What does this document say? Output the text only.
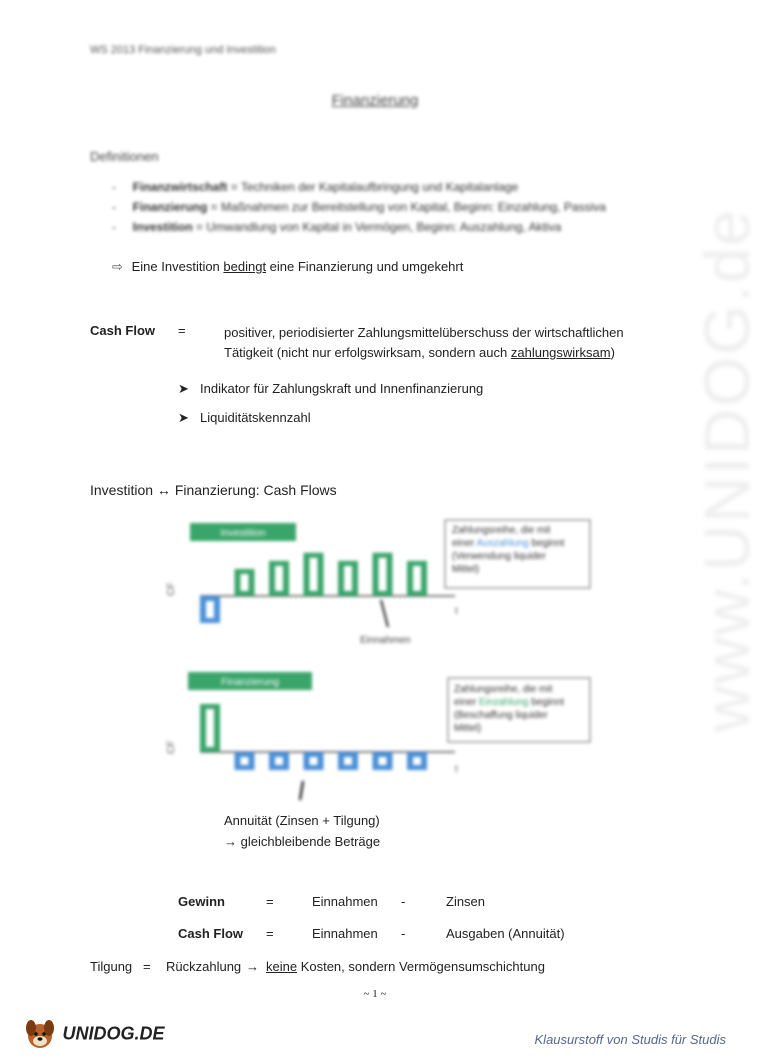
WS 2013 Finanzierung und Investition
Finanzierung
Definitionen
-     Finanzwirtschaft = Techniken der Kapitalaufbringung und Kapitalanlage
-     Finanzierung = Maßnahmen zur Bereitstellung von Kapital, Beginn: Einzahlung, Passiva
-     Investition = Umwandlung von Kapital in Vermögen, Beginn: Auszahlung, Aktiva
⇨ Eine Investition bedingt eine Finanzierung und umgekehrt
Cash Flow =	positiver, periodisierter Zahlungsmittelüberschuss der wirtschaftlichen
Tätigkeit (nicht nur erfolgswirksam, sondern auch zahlungswirksam)
➤ Indikator für Zahlungskraft und Innenfinanzierung
➤ Liquiditätskennzahl
Investition ↔ Finanzierung: Cash Flows
Investition	Zahlungsreihe, die mit
einer Auszahlung beginnt
(Verwendung liquider
Mittel)
t
CF
Einnahmen
Finanzierung
Zahlungsreihe, die mit
einer Einzahlung beginnt
(Beschaffung liquider
Mittel)
t
CF
Annuität (Zinsen + Tilgung)
→ gleichbleibende Beträge
Gewinn	=	Einnahmen -	Zinsen
Cash Flow =	Einnahmen -	Ausgaben (Annuität)
Tilgung = Rückzahlung → keine Kosten, sondern Vermögensumschichtung
~ 1 ~
www.UNIDOG.de
UNIDOG.DE	Klausurstoff von Studis für Studis
